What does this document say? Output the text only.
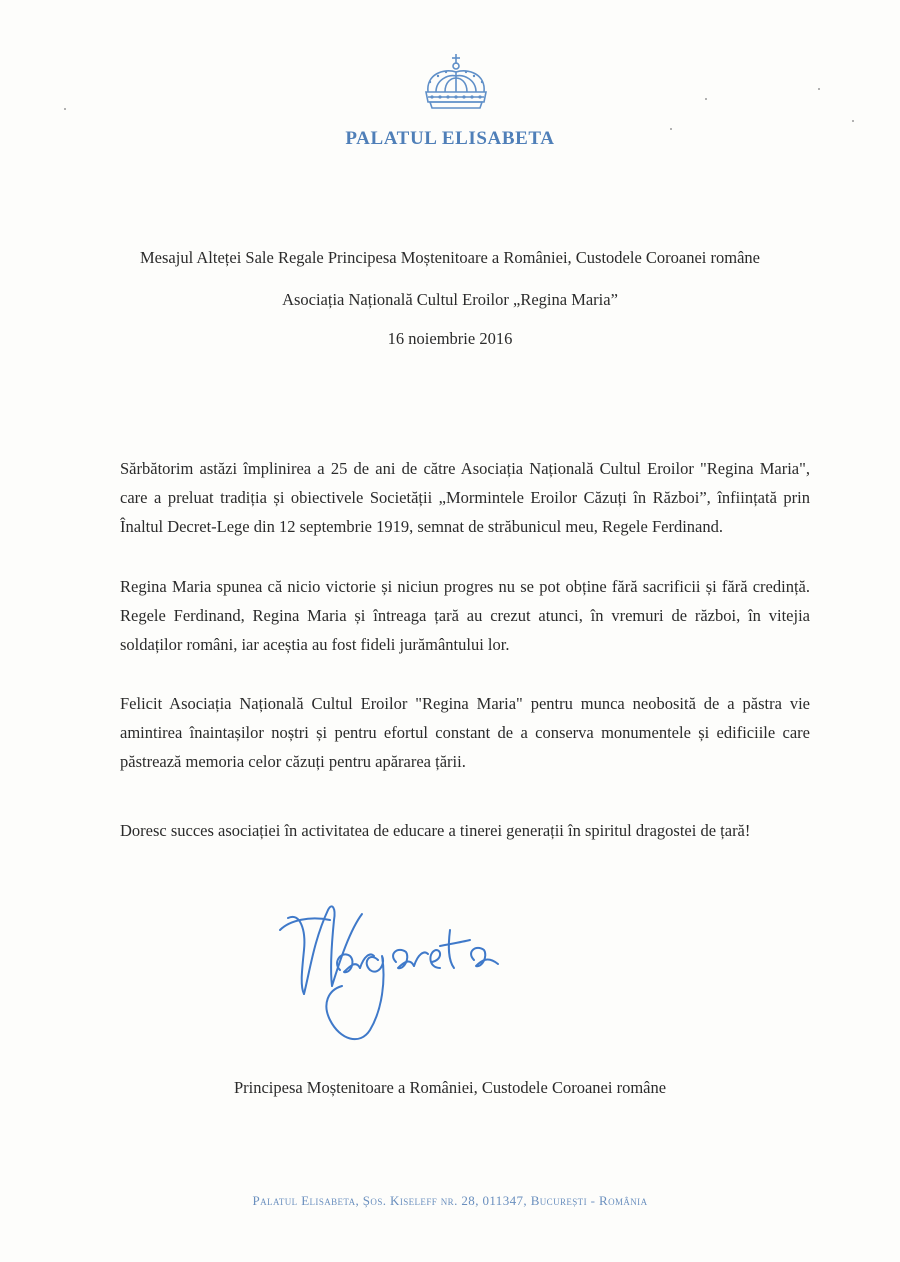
PALATUL ELISABETA
Mesajul Alteței Sale Regale Principesa Moștenitoare a României, Custodele Coroanei române
Asociația Națională Cultul Eroilor „Regina Maria”
16 noiembrie 2016
Sărbătorim astăzi împlinirea a 25 de ani de către Asociația Națională Cultul Eroilor "Regina Maria", care a preluat tradiția și obiectivele Societății „Mormintele Eroilor Căzuți în Război”, înființată prin Înaltul Decret-Lege din 12 septembrie 1919, semnat de străbunicul meu, Regele Ferdinand.
Regina Maria spunea că nicio victorie și niciun progres nu se pot obține fără sacrificii și fără credință. Regele Ferdinand, Regina Maria și întreaga țară au crezut atunci, în vremuri de război, în vitejia soldaților români, iar aceștia au fost fideli jurământului lor.
Felicit Asociația Națională Cultul Eroilor "Regina Maria" pentru munca neobosită de a păstra vie amintirea înaintașilor noștri și pentru efortul constant de a conserva monumentele și edificiile care păstrează memoria celor căzuți pentru apărarea țării.
Doresc succes asociației în activitatea de educare a tinerei generații în spiritul dragostei de țară!
Principesa Moștenitoare a României, Custodele Coroanei române
Palatul Elisabeta, Șos. Kiseleff nr. 28, 011347, București - România
